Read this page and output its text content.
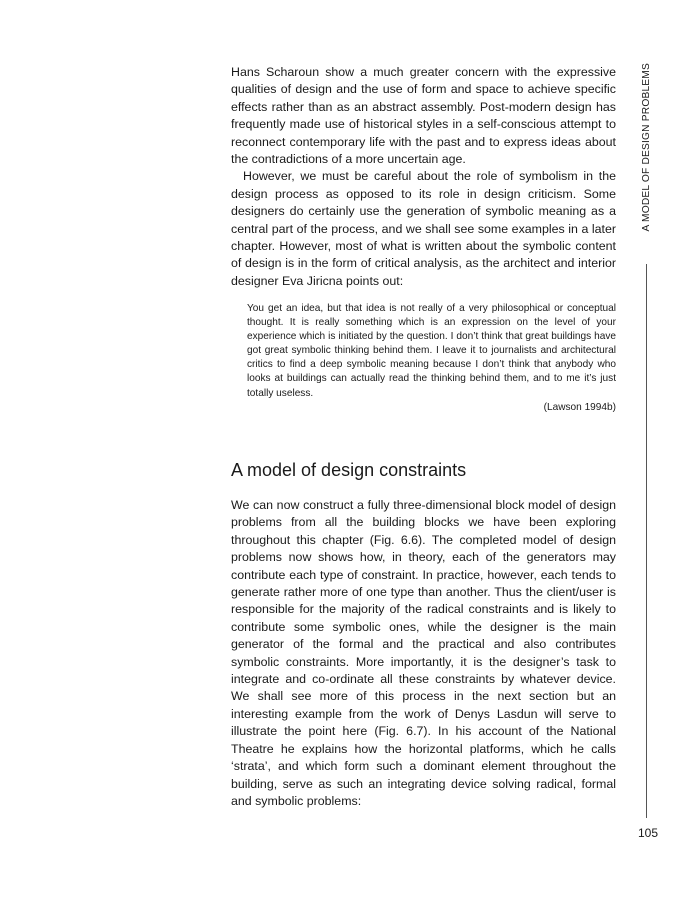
A MODEL OF DESIGN PROBLEMS

Hans Scharoun show a much greater concern with the expressive qualities of design and the use of form and space to achieve specific effects rather than as an abstract assembly. Post-modern design has frequently made use of historical styles in a self-conscious attempt to reconnect contemporary life with the past and to express ideas about the contradictions of a more uncertain age.

However, we must be careful about the role of symbolism in the design process as opposed to its role in design criticism. Some designers do certainly use the generation of symbolic meaning as a central part of the process, and we shall see some examples in a later chapter. However, most of what is written about the symbolic content of design is in the form of critical analysis, as the architect and interior designer Eva Jiricna points out:

You get an idea, but that idea is not really of a very philosophical or conceptual thought. It is really something which is an expression on the level of your experience which is initiated by the question. I don’t think that great buildings have got great symbolic thinking behind them. I leave it to journalists and architectural critics to find a deep symbolic meaning because I don’t think that anybody who looks at buildings can actually read the thinking behind them, and to me it’s just totally useless.

(Lawson 1994b)

A model of design constraints

We can now construct a fully three-dimensional block model of design problems from all the building blocks we have been exploring throughout this chapter (Fig. 6.6). The completed model of design problems now shows how, in theory, each of the generators may contribute each type of constraint. In practice, however, each tends to generate rather more of one type than another. Thus the client/user is responsible for the majority of the radical constraints and is likely to contribute some symbolic ones, while the designer is the main generator of the formal and the practical and also contributes symbolic constraints. More importantly, it is the designer’s task to integrate and co-ordinate all these constraints by whatever device. We shall see more of this process in the next section but an interesting example from the work of Denys Lasdun will serve to illustrate the point here (Fig. 6.7). In his account of the National Theatre he explains how the horizontal platforms, which he calls ‘strata’, and which form such a dominant element throughout the building, serve as such an integrating device solving radical, formal and symbolic problems:

105
